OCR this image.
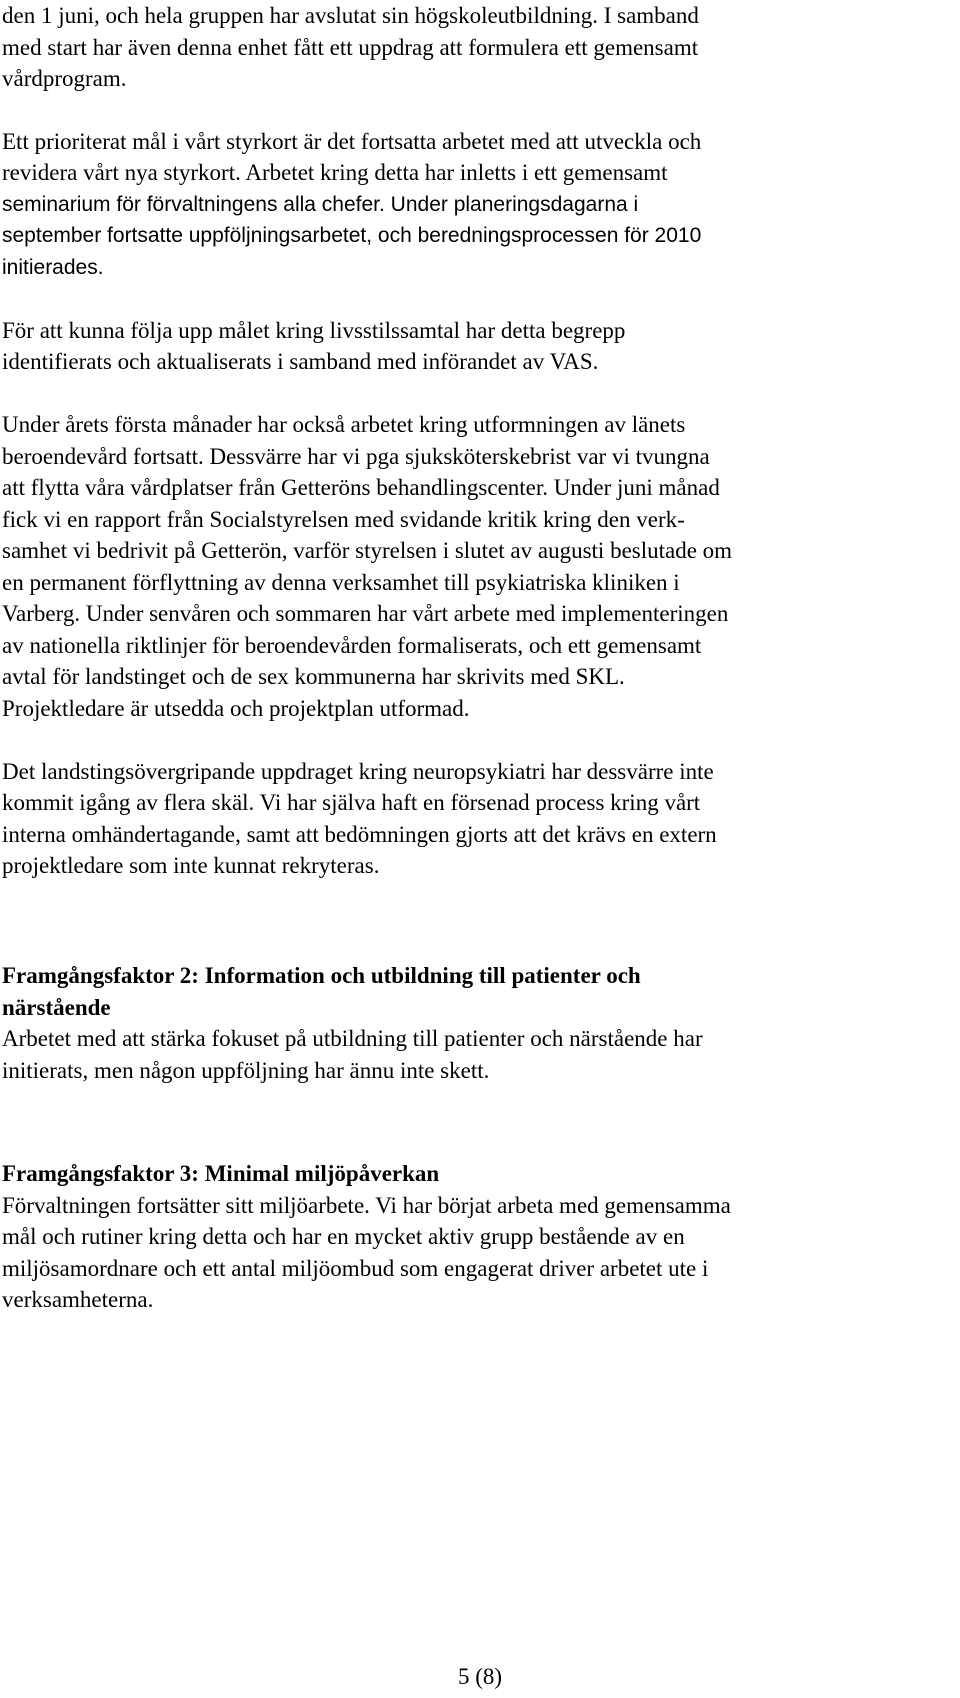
den 1 juni, och hela gruppen har avslutat sin högskoleutbildning. I samband

med start har även denna enhet fått ett uppdrag att formulera ett gemensamt

vårdprogram.

Ett prioriterat mål i vårt styrkort är det fortsatta arbetet med att utveckla och

revidera vårt nya styrkort. Arbetet kring detta har inletts i ett gemensamt

seminarium för förvaltningens alla chefer. Under planeringsdagarna i

september fortsatte uppföljningsarbetet, och beredningsprocessen för 2010

initierades.

För att kunna följa upp målet kring livsstilssamtal har detta begrepp

identifierats och aktualiserats i samband med införandet av VAS.

Under årets första månader har också arbetet kring utformningen av länets

beroendevård fortsatt. Dessvärre har vi pga sjuksköterskebrist var vi tvungna

att flytta våra vårdplatser från Getteröns behandlingscenter. Under juni månad

fick vi en rapport från Socialstyrelsen med svidande kritik kring den verk-

samhet vi bedrivit på Getterön, varför styrelsen i slutet av augusti beslutade om

en permanent förflyttning av denna verksamhet till psykiatriska kliniken i

Varberg. Under senvåren och sommaren har vårt arbete med implementeringen

av nationella riktlinjer för beroendevården formaliserats, och ett gemensamt

avtal för landstinget och de sex kommunerna har skrivits med SKL.

Projektledare är utsedda och projektplan utformad.

Det landstingsövergripande uppdraget kring neuropsykiatri har dessvärre inte

kommit igång av flera skäl. Vi har själva haft en försenad process kring vårt

interna omhändertagande, samt att bedömningen gjorts att det krävs en extern

projektledare som inte kunnat rekryteras.

Framgångsfaktor 2: Information och utbildning till patienter och

närstående

Arbetet med att stärka fokuset på utbildning till patienter och närstående har

initierats, men någon uppföljning har ännu inte skett.

Framgångsfaktor 3: Minimal miljöpåverkan

Förvaltningen fortsätter sitt miljöarbete. Vi har börjat arbeta med gemensamma

mål och rutiner kring detta och har en mycket aktiv grupp bestående av en

miljösamordnare och ett antal miljöombud som engagerat driver arbetet ute i

verksamheterna.

5 (8)
